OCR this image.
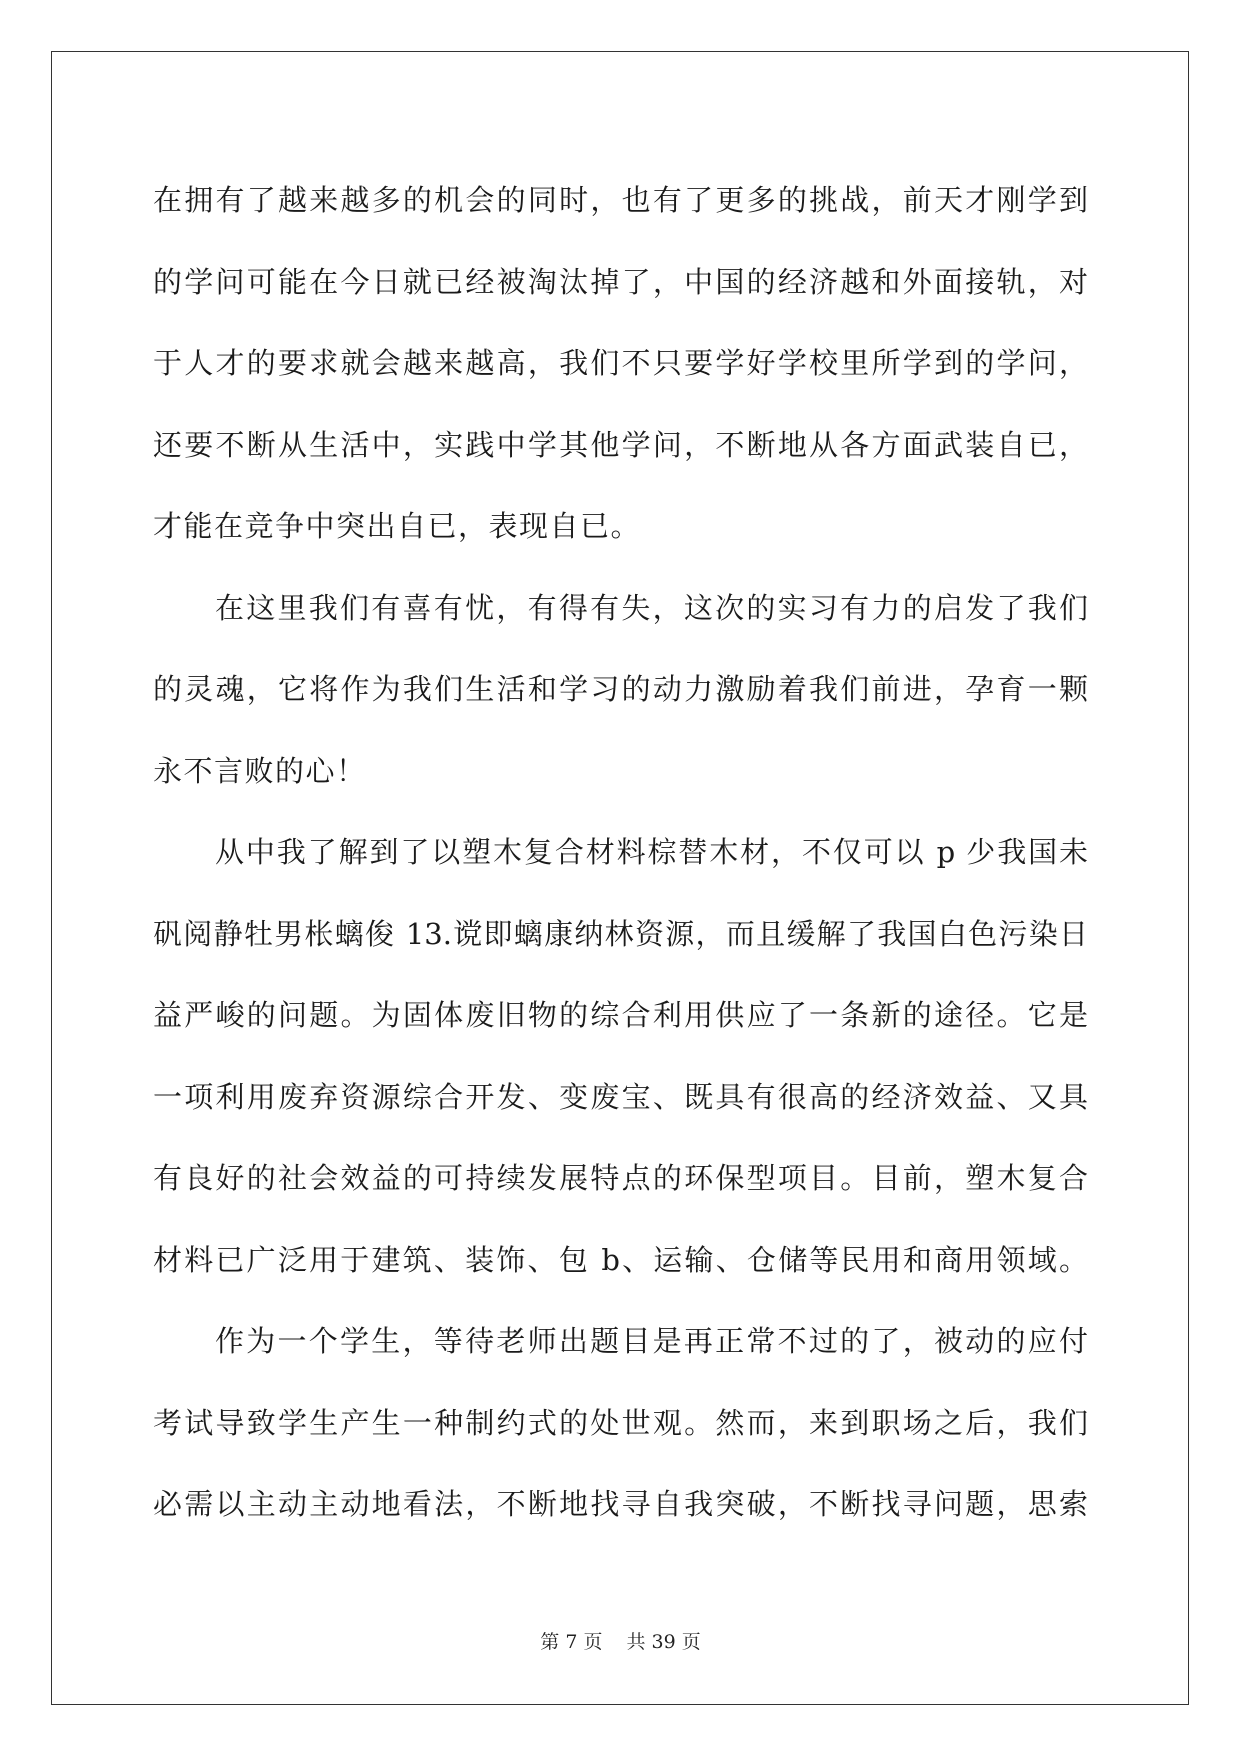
在拥有了越来越多的机会的同时，也有了更多的挑战，前天才刚学到
的学问可能在今日就已经被淘汰掉了，中国的经济越和外面接轨，对
于人才的要求就会越来越高，我们不只要学好学校里所学到的学问，
还要不断从生活中，实践中学其他学问，不断地从各方面武装自已，
才能在竞争中突出自已，表现自已。
在这里我们有喜有忧，有得有失，这次的实习有力的启发了我们
的灵魂，它将作为我们生活和学习的动力激励着我们前进，孕育一颗
永不言败的心！
从中我了解到了以塑木复合材料棕替木材，不仅可以 p 少我国未
矾阅静牡男枨螭俊 13.谠即螭康纳林资源，而且缓解了我国白色污染日
益严峻的问题。为固体废旧物的综合利用供应了一条新的途径。它是
一项利用废弃资源综合开发、变废宝、既具有很高的经济效益、又具
有良好的社会效益的可持续发展特点的环保型项目。目前，塑木复合
材料已广泛用于建筑、装饰、包 b、运输、仓储等民用和商用领域。
作为一个学生，等待老师出题目是再正常不过的了，被动的应付
考试导致学生产生一种制约式的处世观。然而，来到职场之后，我们
必需以主动主动地看法，不断地找寻自我突破，不断找寻问题，思索
第 7 页 共 39 页
